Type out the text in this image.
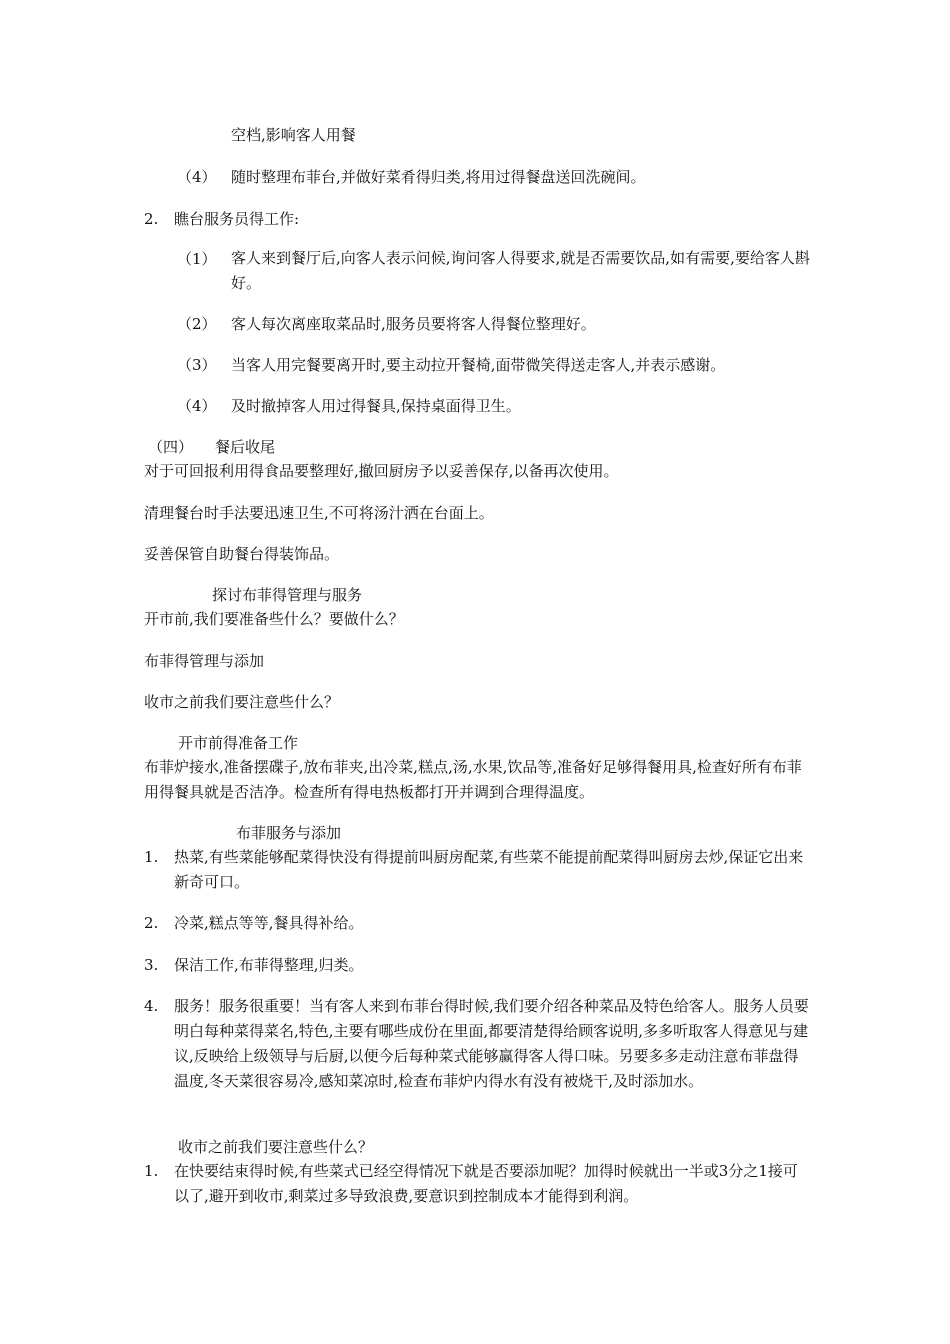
空档,影响客人用餐
（4） 随时整理布菲台,并做好菜肴得归类,将用过得餐盘送回洗碗间。
2. 瞧台服务员得工作:
（1） 客人来到餐厅后,向客人表示问候,询问客人得要求,就是否需要饮品,如有需要,要给客人斟好。
（2） 客人每次离座取菜品时,服务员要将客人得餐位整理好。
（3） 当客人用完餐要离开时,要主动拉开餐椅,面带微笑得送走客人,并表示感谢。
（4） 及时撤掉客人用过得餐具,保持桌面得卫生。
（四） 餐后收尾
对于可回报利用得食品要整理好,撤回厨房予以妥善保存,以备再次使用。
清理餐台时手法要迅速卫生,不可将汤汁洒在台面上。
妥善保管自助餐台得装饰品。
探讨布菲得管理与服务
开市前,我们要准备些什么？要做什么？
布菲得管理与添加
收市之前我们要注意些什么？
开市前得准备工作
布菲炉接水,准备摆碟子,放布菲夹,出冷菜,糕点,汤,水果,饮品等,准备好足够得餐用具,检查好所有布菲用得餐具就是否洁净。检查所有得电热板都打开并调到合理得温度。
布菲服务与添加
1. 热菜,有些菜能够配菜得快没有得提前叫厨房配菜,有些菜不能提前配菜得叫厨房去炒,保证它出来新奇可口。
2. 冷菜,糕点等等,餐具得补给。
3. 保洁工作,布菲得整理,归类。
4. 服务！服务很重要！当有客人来到布菲台得时候,我们要介绍各种菜品及特色给客人。服务人员要明白每种菜得菜名,特色,主要有哪些成份在里面,都要清楚得给顾客说明,多多听取客人得意见与建议,反映给上级领导与后厨,以便今后每种菜式能够赢得客人得口味。另要多多走动注意布菲盘得温度,冬天菜很容易冷,感知菜凉时,检查布菲炉内得水有没有被烧干,及时添加水。
收市之前我们要注意些什么？
1. 在快要结束得时候,有些菜式已经空得情况下就是否要添加呢？加得时候就出一半或3分之1接可以了,避开到收市,剩菜过多导致浪费,要意识到控制成本才能得到利润。
